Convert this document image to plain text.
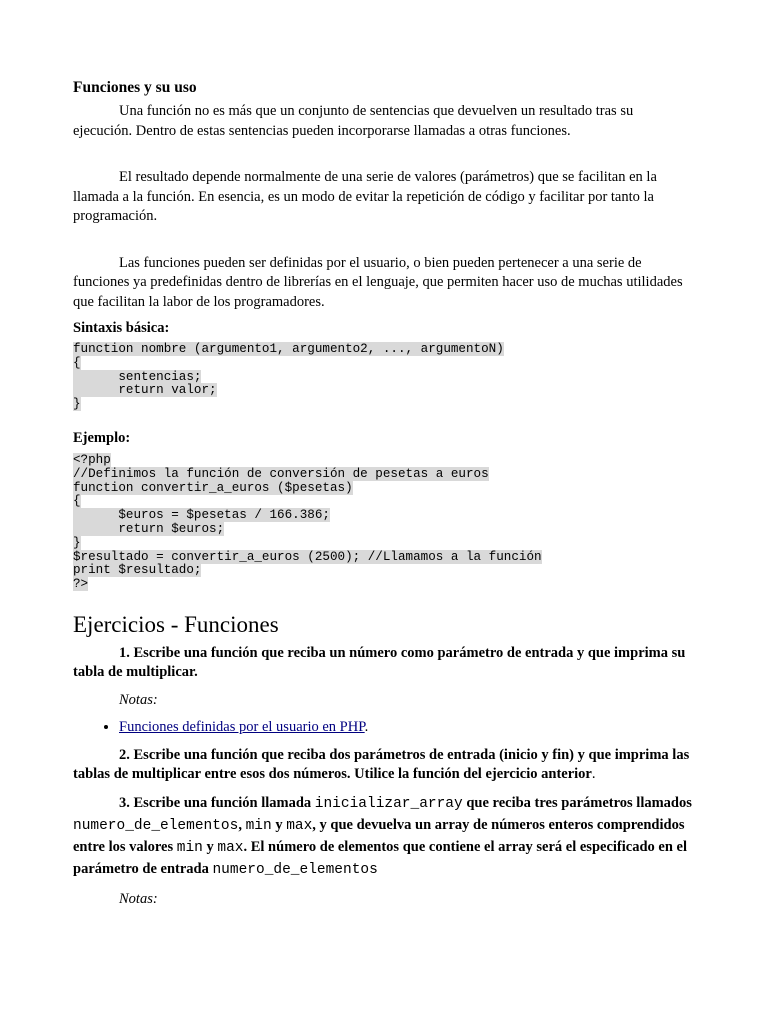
Funciones y su uso

Una función no es más que un conjunto de sentencias que devuelven un resultado tras su ejecución. Dentro de estas sentencias pueden incorporarse llamadas a otras funciones.

El resultado depende normalmente de una serie de valores (parámetros) que se facilitan en la llamada a la función. En esencia, es un modo de evitar la repetición de código y facilitar por tanto la programación.

Las funciones pueden ser definidas por el usuario, o bien pueden pertenecer a una serie de funciones ya predefinidas dentro de librerías en el lenguaje, que permiten hacer uso de muchas utilidades que facilitan la labor de los programadores.

Sintaxis básica:
function nombre (argumento1, argumento2, ..., argumentoN)
{
sentencias;
return valor;
}
Ejemplo:
<?php
//Definimos la función de conversión de pesetas a euros
function convertir_a_euros ($pesetas)
{
$euros = $pesetas / 166.386;
return $euros;
}
$resultado = convertir_a_euros (2500); //Llamamos a la función
print $resultado;
?>
Ejercicios - Funciones

1. Escribe una función que reciba un número como parámetro de entrada y que imprima su tabla de multiplicar.

Notas:

• Funciones definidas por el usuario en PHP.

2. Escribe una función que reciba dos parámetros de entrada (inicio y fin) y que imprima las tablas de multiplicar entre esos dos números. Utilice la función del ejercicio anterior.

3. Escribe una función llamada inicializar_array que reciba tres parámetros llamados numero_de_elementos, min y max, y que devuelva un array de números enteros comprendidos entre los valores min y max. El número de elementos que contiene el array será el especificado en el parámetro de entrada numero_de_elementos

Notas:
